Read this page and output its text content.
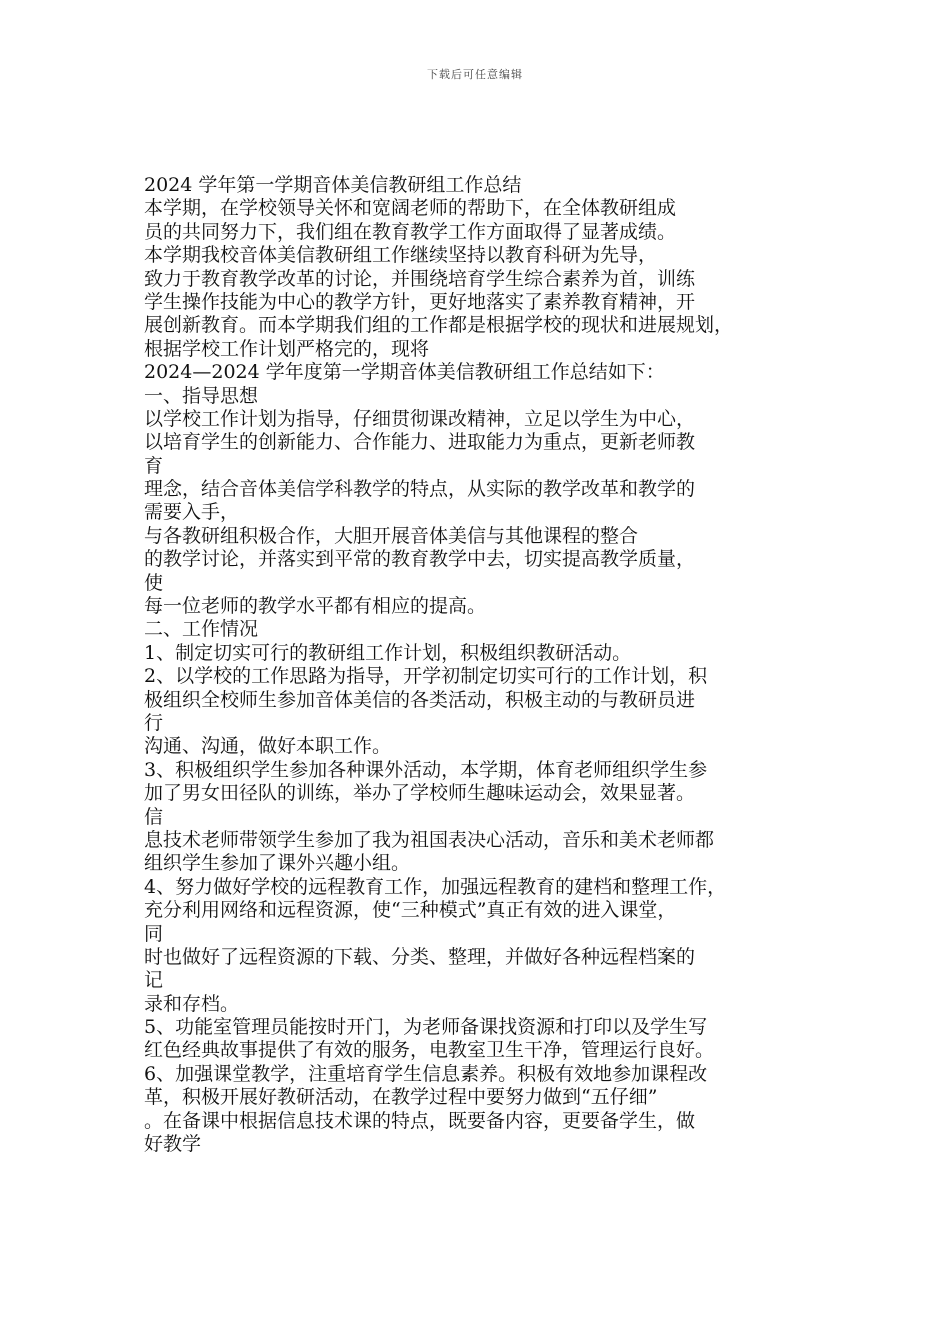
下载后可任意编辑
2024 学年第一学期音体美信教研组工作总结
本学期，在学校领导关怀和宽阔老师的帮助下，在全体教研组成
员的共同努力下，我们组在教育教学工作方面取得了显著成绩。
本学期我校音体美信教研组工作继续坚持以教育科研为先导，
致力于教育教学改革的讨论，并围绕培育学生综合素养为首，训练
学生操作技能为中心的教学方针，更好地落实了素养教育精神，开
展创新教育。而本学期我们组的工作都是根据学校的现状和进展规划，
根据学校工作计划严格完的，现将
2024—2024 学年度第一学期音体美信教研组工作总结如下：
一、指导思想
以学校工作计划为指导，仔细贯彻课改精神，立足以学生为中心，
以培育学生的创新能力、合作能力、进取能力为重点，更新老师教
育
理念，结合音体美信学科教学的特点，从实际的教学改革和教学的
需要入手，
与各教研组积极合作，大胆开展音体美信与其他课程的整合
的教学讨论，并落实到平常的教育教学中去，切实提高教学质量，
使
每一位老师的教学水平都有相应的提高。
二、工作情况
1、制定切实可行的教研组工作计划，积极组织教研活动。
2、以学校的工作思路为指导，开学初制定切实可行的工作计划，积
极组织全校师生参加音体美信的各类活动，积极主动的与教研员进
行
沟通、沟通，做好本职工作。
3、积极组织学生参加各种课外活动，本学期，体育老师组织学生参
加了男女田径队的训练，举办了学校师生趣味运动会，效果显著。
信
息技术老师带领学生参加了我为祖国表决心活动，音乐和美术老师都
组织学生参加了课外兴趣小组。
4、努力做好学校的远程教育工作，加强远程教育的建档和整理工作，
充分利用网络和远程资源，使“三种模式”真正有效的进入课堂，
同
时也做好了远程资源的下载、分类、整理，并做好各种远程档案的
记
录和存档。
5、功能室管理员能按时开门，为老师备课找资源和打印以及学生写
红色经典故事提供了有效的服务，电教室卫生干净，管理运行良好。
6、加强课堂教学，注重培育学生信息素养。积极有效地参加课程改
革，积极开展好教研活动，在教学过程中要努力做到“五仔细”
。在备课中根据信息技术课的特点，既要备内容，更要备学生，做
好教学
